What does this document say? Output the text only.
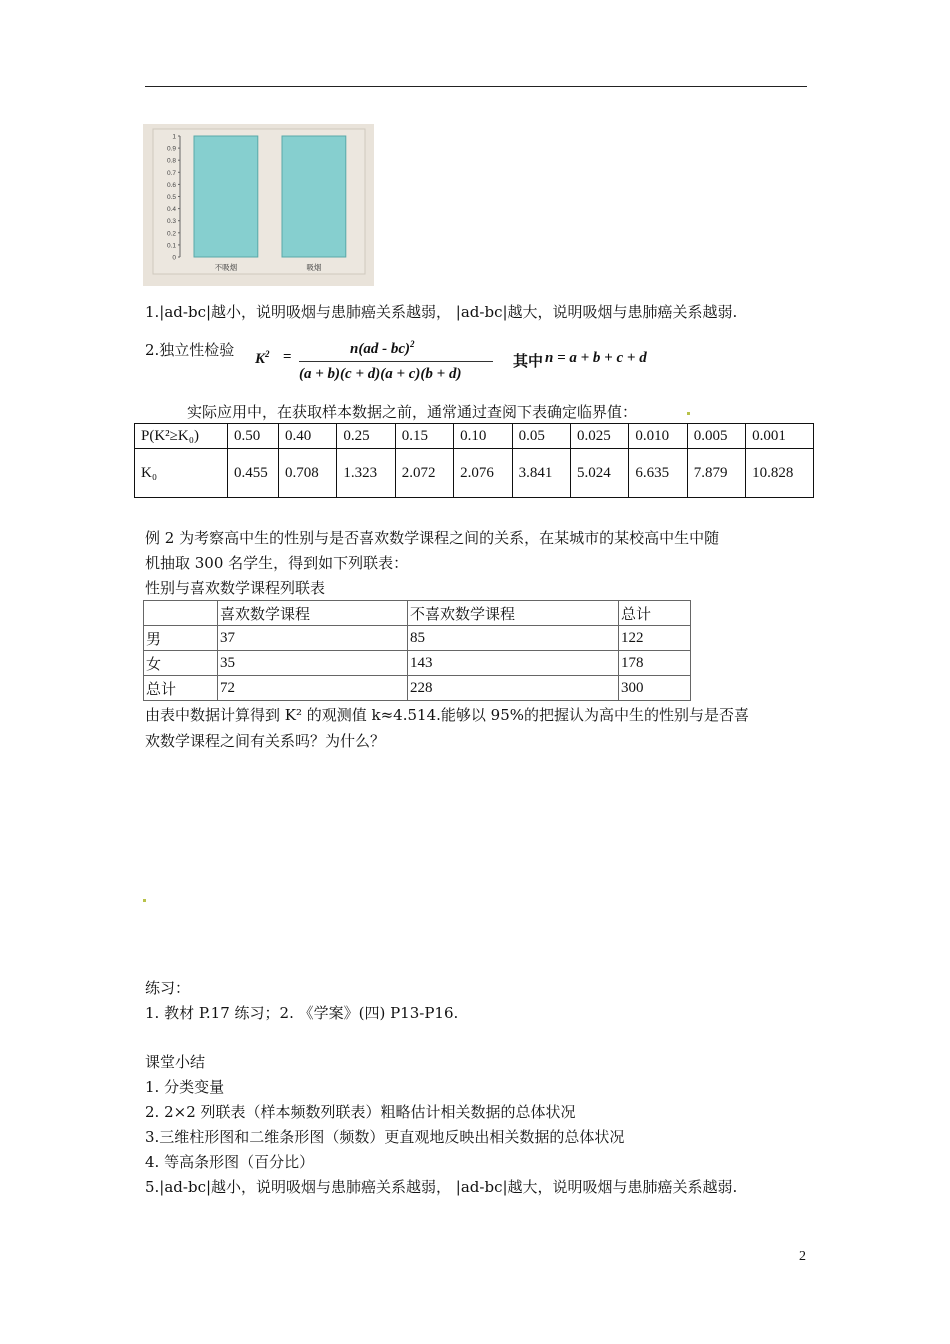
1
0.9
0.8
0.7
0.6
0.5
0.4
0.3
0.2
0.1
0
不吸烟	吸烟
1.|ad-bc|越小，说明吸烟与患肺癌关系越弱， |ad-bc|越大，说明吸烟与患肺癌关系越弱.
2.独立性检验 $K^2$ =	n(ad - bc)$^2$
(a + b)(c + d)(a + c)(b + d)
其中 n = a + b + c + d
实际应用中，在获取样本数据之前，通常通过查阅下表确定临界值：
P(K²≥K₀)	0.50	0.40	0.25	0.15	0.10	0.05	0.025	0.010	0.005	0.001
K₀	0.455	0.708	1.323	2.072	2.076	3.841	5.024	6.635	7.879	10.828
例 2 为考察高中生的性别与是否喜欢数学课程之间的关系，在某城市的某校高中生中随
机抽取 300 名学生，得到如下列联表：
性别与喜欢数学课程列联表
	喜欢数学课程	不喜欢数学课程	总计
男	37	85	122
女	35	143	178
总计	72	228	300
由表中数据计算得到 K² 的观测值 k≈4.514.能够以 95%的把握认为高中生的性别与是否喜
欢数学课程之间有关系吗？为什么？
练习：
1. 教材 P.17 练习；2. 《学案》(四) P13-P16.
课堂小结
1. 分类变量
2. 2×2 列联表（样本频数列联表）粗略估计相关数据的总体状况
3.三维柱形图和二维条形图（频数）更直观地反映出相关数据的总体状况
4. 等高条形图（百分比）
5.|ad-bc|越小，说明吸烟与患肺癌关系越弱， |ad-bc|越大，说明吸烟与患肺癌关系越弱.
2
